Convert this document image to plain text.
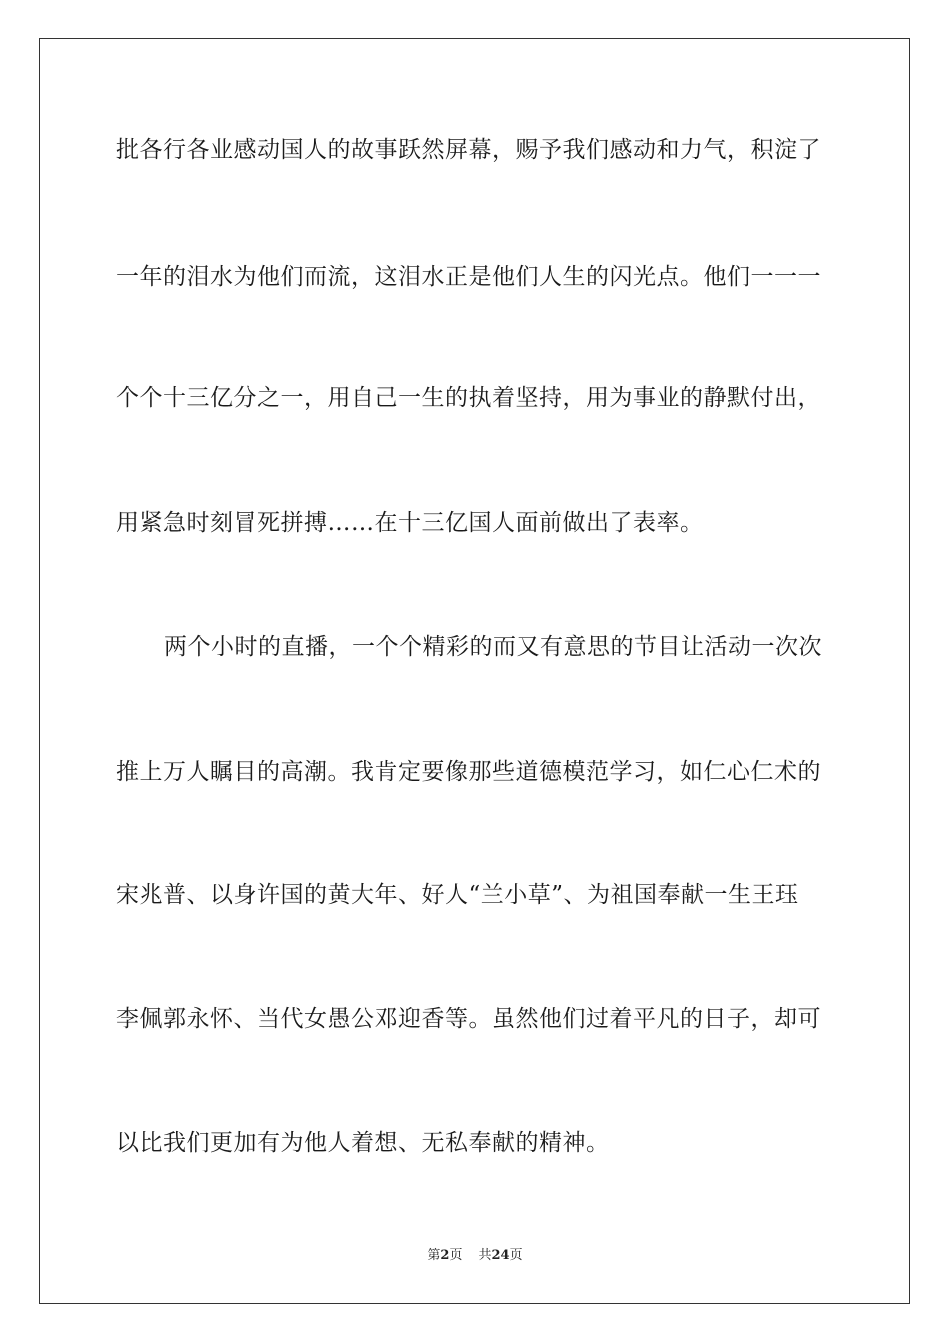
批各行各业感动国人的故事跃然屏幕，赐予我们感动和力气，积淀了
一年的泪水为他们而流，这泪水正是他们人生的闪光点。他们一一一
个个十三亿分之一，用自己一生的执着坚持，用为事业的静默付出，
用紧急时刻冒死拼搏……在十三亿国人面前做出了表率。
两个小时的直播，一个个精彩的而又有意思的节目让活动一次次
推上万人瞩目的高潮。我肯定要像那些道德模范学习，如仁心仁术的
宋兆普、以身许国的黄大年、好人“兰小草”、为祖国奉献一生王珏
李佩郭永怀、当代女愚公邓迎香等。虽然他们过着平凡的日子，却可
以比我们更加有为他人着想、无私奉献的精神。
第2页 共24页
